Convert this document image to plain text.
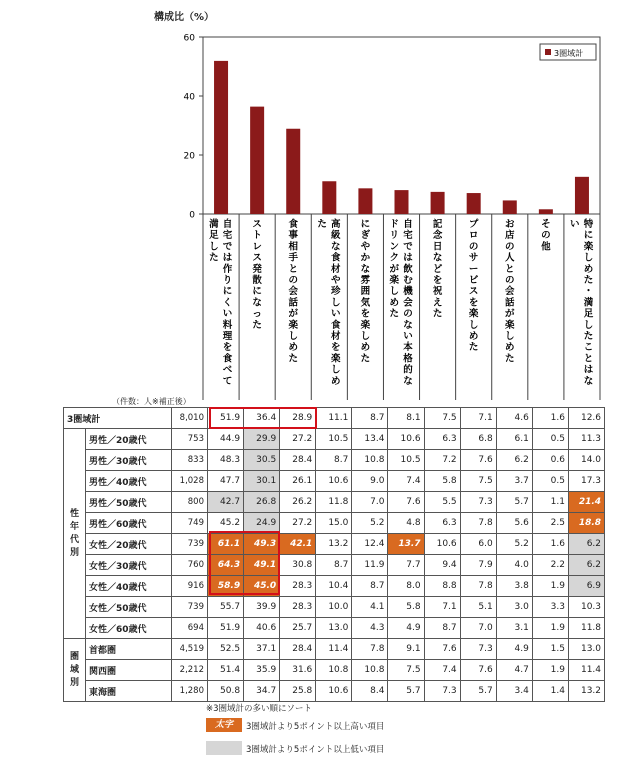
構成比（%）
0
20
40
60
3圏域計
自
宅
で
は
作
り
に
く
い
料
理
を
食
べ
て
満
足
し
た
ス
ト
レ
ス
発
散
に
な
っ
た
食
事
相
手
と
の
会
話
が
楽
し
め
た
高
級
な
食
材
や
珍
し
い
食
材
を
楽
し
め
た	に
ぎ
や
か
な
雰
囲
気
を
楽
し
め
た
自
宅
で
は
飲
む
機
会
の
な
い
本
格
的
な
ド
リ
ン
ク
が
楽
し
め
た
記
念
日
な
ど
を
祝
え
た
プ
ロ
の
サ
ー
ビ
ス
を
楽
し
め
た
お
店
の
人
と
の
会
話
が
楽
し
め
た
そ
の
他
特
に
楽
し
め
た
・
満
足
し
た
こ
と
は
な
い
（件数：人※補正後）
3圏域計		8,010	51.9	36.4	28.9	11.1	8.7	8.1	7.5	7.1	4.6	1.6	12.6

性
年
代
別	男性／20歳代	753	44.9	29.9	27.2	10.5	13.4	10.6	6.3	6.8	6.1	0.5	11.3
	男性／30歳代	833	48.3	30.5	28.4	8.7	10.8	10.5	7.2	7.6	6.2	0.6	14.0
	男性／40歳代	1,028	47.7	30.1	26.1	10.6	9.0	7.4	5.8	7.5	3.7	0.5	17.3
	男性／50歳代	800	42.7	26.8	26.2	11.8	7.0	7.6	5.5	7.3	5.7	1.1	21.4
	男性／60歳代	749	45.2	24.9	27.2	15.0	5.2	4.8	6.3	7.8	5.6	2.5	18.8
	女性／20歳代	739	61.1	49.3	42.1	13.2	12.4	13.7	10.6	6.0	5.2	1.6	6.2
	女性／30歳代	760	64.3	49.1	30.8	8.7	11.9	7.7	9.4	7.9	4.0	2.2	6.2
	女性／40歳代	916	58.9	45.0	28.3	10.4	8.7	8.0	8.8	7.8	3.8	1.9	6.9
	女性／50歳代	739	55.7	39.9	28.3	10.0	4.1	5.8	7.1	5.1	3.0	3.3	10.3
	女性／60歳代	694	51.9	40.6	25.7	13.0	4.3	4.9	8.7	7.0	3.1	1.9	11.8

圏
域
別	首都圏	4,519	52.5	37.1	28.4	11.4	7.8	9.1	7.6	7.3	4.9	1.5	13.0
	関西圏	2,212	51.4	35.9	31.6	10.8	10.8	7.5	7.4	7.6	4.7	1.9	11.4
	東海圏	1,280	50.8	34.7	25.8	10.6	8.4	5.7	7.3	5.7	3.4	1.4	13.2
※3圏域計の多い順にソート
太字	3圏域計より5ポイント以上高い項目
3圏域計より5ポイント以上低い項目
